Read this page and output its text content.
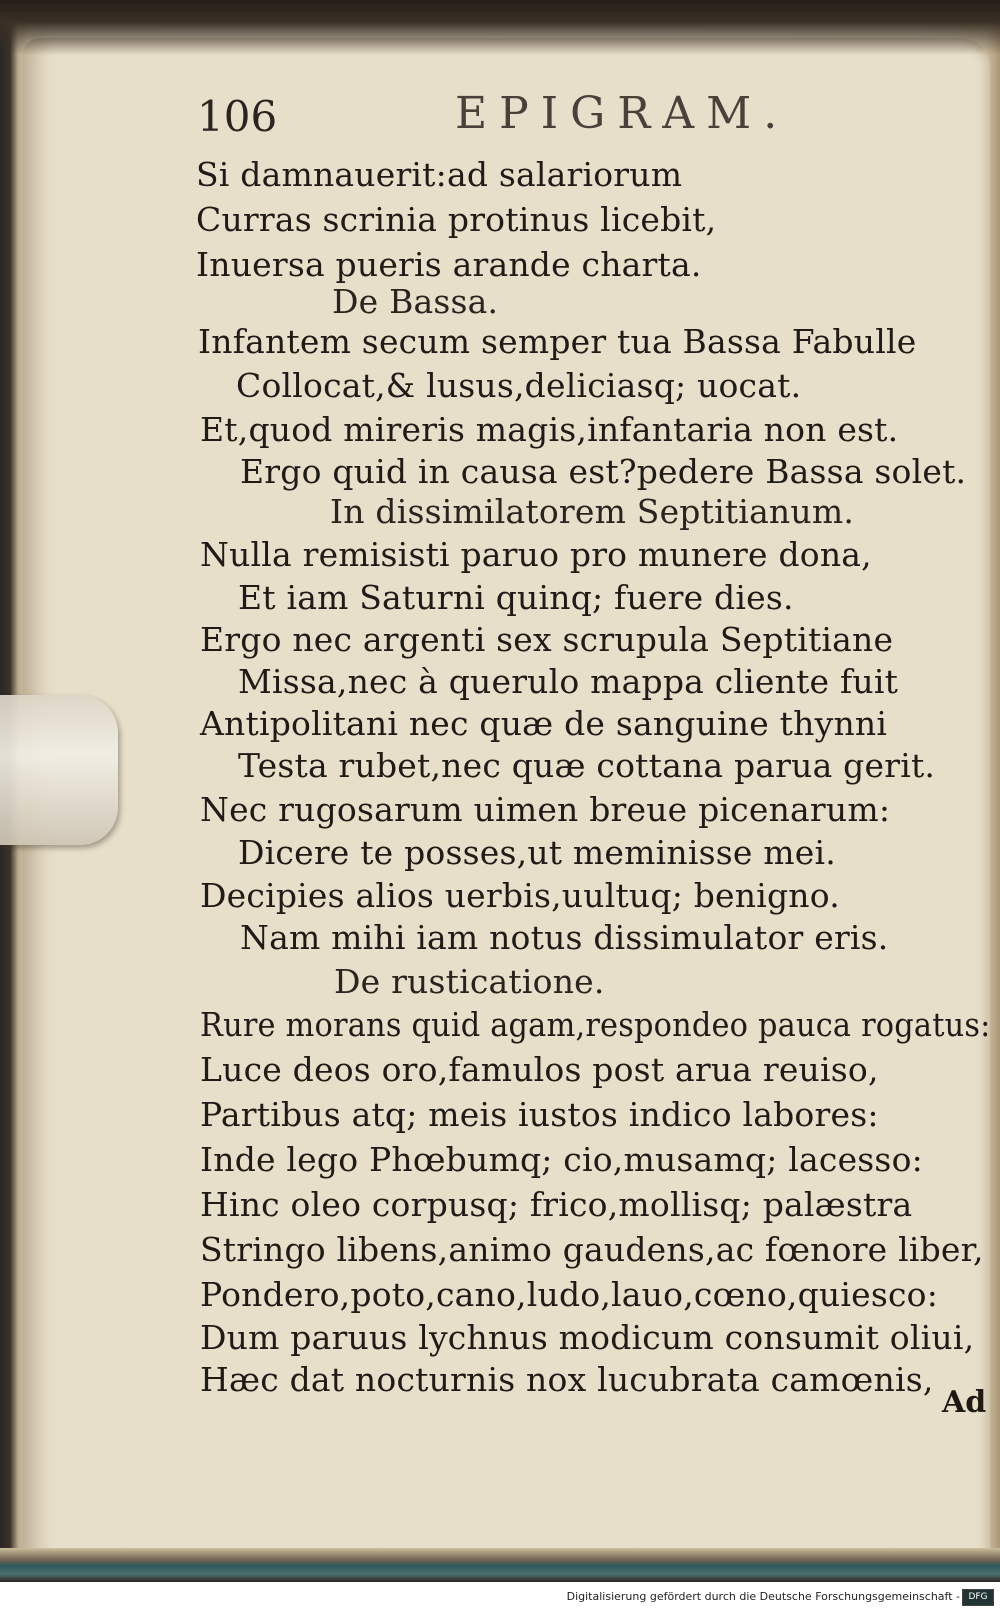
106	EPIGRAM.
Si damnauerit:ad salariorum
Curras scrinia protinus licebit,
Inuersa pueris arande charta.
De Bassa.
Infantem secum semper tua Bassa Fabulle
Collocat,& lusus,deliciasq; uocat.
Et,quod mireris magis,infantaria non est.
Ergo quid in causa est?pedere Bassa solet.
In dissimilatorem Septitianum.
Nulla remisisti paruo pro munere dona,
Et iam Saturni quinq; fuere dies.
Ergo nec argenti sex scrupula Septitiane
Missa,nec à querulo mappa cliente fuit
Antipolitani nec quæ de sanguine thynni
Testa rubet,nec quæ cottana parua gerit.
Nec rugosarum uimen breue picenarum:
Dicere te posses,ut meminisse mei.
Decipies alios uerbis,uultuq; benigno.
Nam mihi iam notus dissimulator eris.
De rusticatione.
Rure morans quid agam,respondeo pauca rogatus:
Luce deos oro,famulos post arua reuiso,
Partibus atq; meis iustos indico labores:
Inde lego Phœbumq; cio,musamq; lacesso:
Hinc oleo corpusq; frico,mollisq; palæstra
Stringo libens,animo gaudens,ac fœnore liber,
Pondero,poto,cano,ludo,lauo,cœno,quiesco:
Dum paruus lychnus modicum consumit oliui,
Hæc dat nocturnis nox lucubrata camœnis,
Ad
Digitalisierung gefördert durch die Deutsche Forschungsgemeinschaft - DFG
